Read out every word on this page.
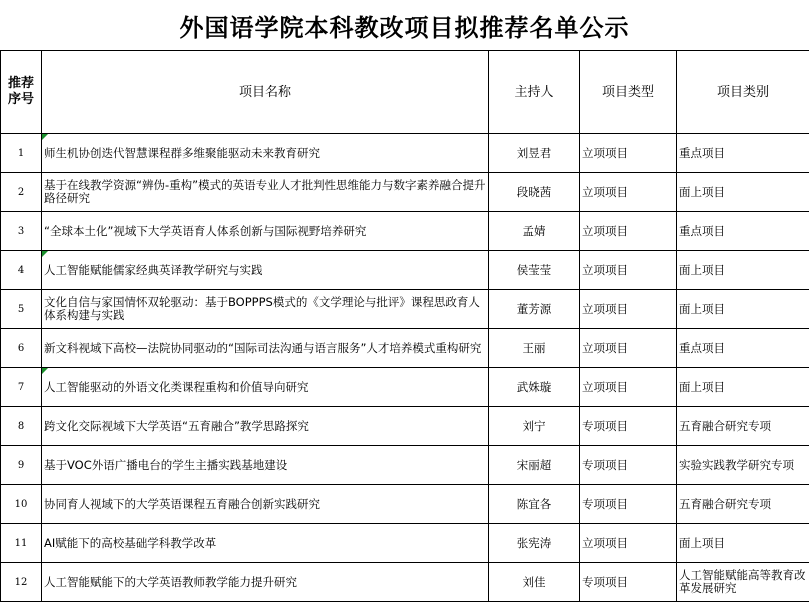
外国语学院本科教改项目拟推荐名单公示
推荐
序号	项目名称	主持人	项目类型	项目类别
1	师生机协创迭代智慧课程群多维聚能驱动未来教育研究	刘昱君	立项项目	重点项目
2	基于在线教学资源“辨伪-重构”模式的英语专业人才批判性思维能力与数字素养融合提升路径研究	段晓茜	立项项目	面上项目
3	“全球本土化”视域下大学英语育人体系创新与国际视野培养研究	孟婧	立项项目	重点项目
4	人工智能赋能儒家经典英译教学研究与实践	侯莹莹	立项项目	面上项目
5	文化自信与家国情怀双轮驱动：基于BOPPPS模式的《文学理论与批评》课程思政育人体系构建与实践	董芳源	立项项目	面上项目
6	新文科视域下高校—法院协同驱动的“国际司法沟通与语言服务”人才培养模式重构研究	王丽	立项项目	重点项目
7	人工智能驱动的外语文化类课程重构和价值导向研究	武姝璇	立项项目	面上项目
8	跨文化交际视域下大学英语“五育融合”教学思路探究	刘宁	专项项目	五育融合研究专项
9	基于VOC外语广播电台的学生主播实践基地建设	宋丽超	专项项目	实验实践教学研究专项
10	协同育人视域下的大学英语课程五育融合创新实践研究	陈宜各	专项项目	五育融合研究专项
11	AI赋能下的高校基础学科教学改革	张宪涛	立项项目	面上项目
12	人工智能赋能下的大学英语教师教学能力提升研究	刘佳	专项项目	人工智能赋能高等教育改革发展研究
